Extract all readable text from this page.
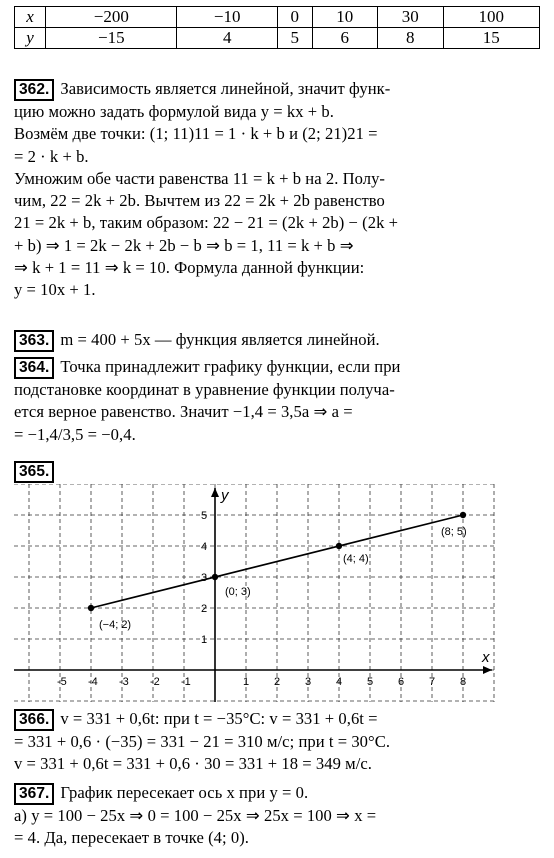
x	−200	−10	0	10	30	100
y	−15	4	5	6	8	15
362. Зависимость является линейной, значит функ-
цию можно задать формулой вида y = kx + b.
Возмём две точки: (1; 11)11 = 1 · k + b и (2; 21)21 =
= 2 · k + b.
Умножим обе части равенства 11 = k + b на 2. Полу-
чим, 22 = 2k + 2b. Вычтем из 22 = 2k + 2b равенство
21 = 2k + b, таким образом: 22 − 21 = (2k + 2b) − (2k +
+ b) ⇒ 1 = 2k − 2k + 2b − b ⇒ b = 1, 11 = k + b ⇒
⇒ k + 1 = 11 ⇒ k = 10. Формула данной функции:
y = 10x + 1.
363. m = 400 + 5x — функция является линейной.
364. Точка принадлежит графику функции, если при
подстановке координат в уравнение функции получа-
ется верное равенство. Значит −1,4 = 3,5a ⇒ a =
= −1,4/3,5 = −0,4.
365.
x
y
-5 -4 -3 -2 -1	1 2 3 4 5 6 7 8
1
2
3
4
5
(−4; 2)
(0; 3)
(4; 4)
(8; 5)
366. v = 331 + 0,6t: при t = −35°C: v = 331 + 0,6t =
= 331 + 0,6 · (−35) = 331 − 21 = 310 м/с; при t = 30°C.
v = 331 + 0,6t = 331 + 0,6 · 30 = 331 + 18 = 349 м/с.
367. График пересекает ось x при y = 0.
а) y = 100 − 25x ⇒ 0 = 100 − 25x ⇒ 25x = 100 ⇒ x =
= 4. Да, пересекает в точке (4; 0).
